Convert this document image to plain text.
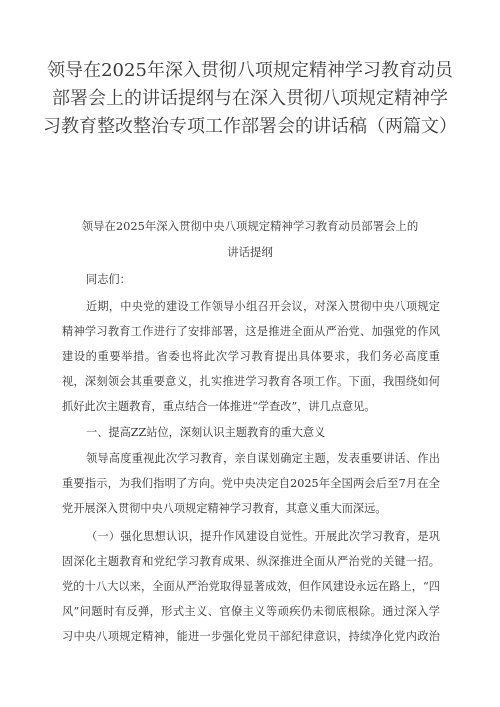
领导在2025年深入贯彻八项规定精神学习教育动员
部署会上的讲话提纲与在深入贯彻八项规定精神学
习教育整改整治专项工作部署会的讲话稿（两篇文）
领导在2025年深入贯彻中央八项规定精神学习教育动员部署会上的
讲话提纲
同志们：
近期，中央党的建设工作领导小组召开会议，对深入贯彻中央八项规定
精神学习教育工作进行了安排部署，这是推进全面从严治党、加强党的作风
建设的重要举措。省委也将此次学习教育提出具体要求，我们务必高度重
视，深刻领会其重要意义，扎实推进学习教育各项工作。下面，我围绕如何
抓好此次主题教育，重点结合一体推进“学查改”，讲几点意见。
一、提高ZZ站位，深刻认识主题教育的重大意义
领导高度重视此次学习教育，亲自谋划确定主题，发表重要讲话、作出
重要指示，为我们指明了方向。党中央决定自2025年全国两会后至7月在全
党开展深入贯彻中央八项规定精神学习教育，其意义重大而深远。
（一）强化思想认识，提升作风建设自觉性。开展此次学习教育，是巩
固深化主题教育和党纪学习教育成果、纵深推进全面从严治党的关键一招。
党的十八大以来，全面从严治党取得显著成效，但作风建设永远在路上，“四
风”问题时有反弹，形式主义、官僚主义等顽疾仍未彻底根除。通过深入学
习中央八项规定精神，能进一步强化党员干部纪律意识，持续净化党内政治
